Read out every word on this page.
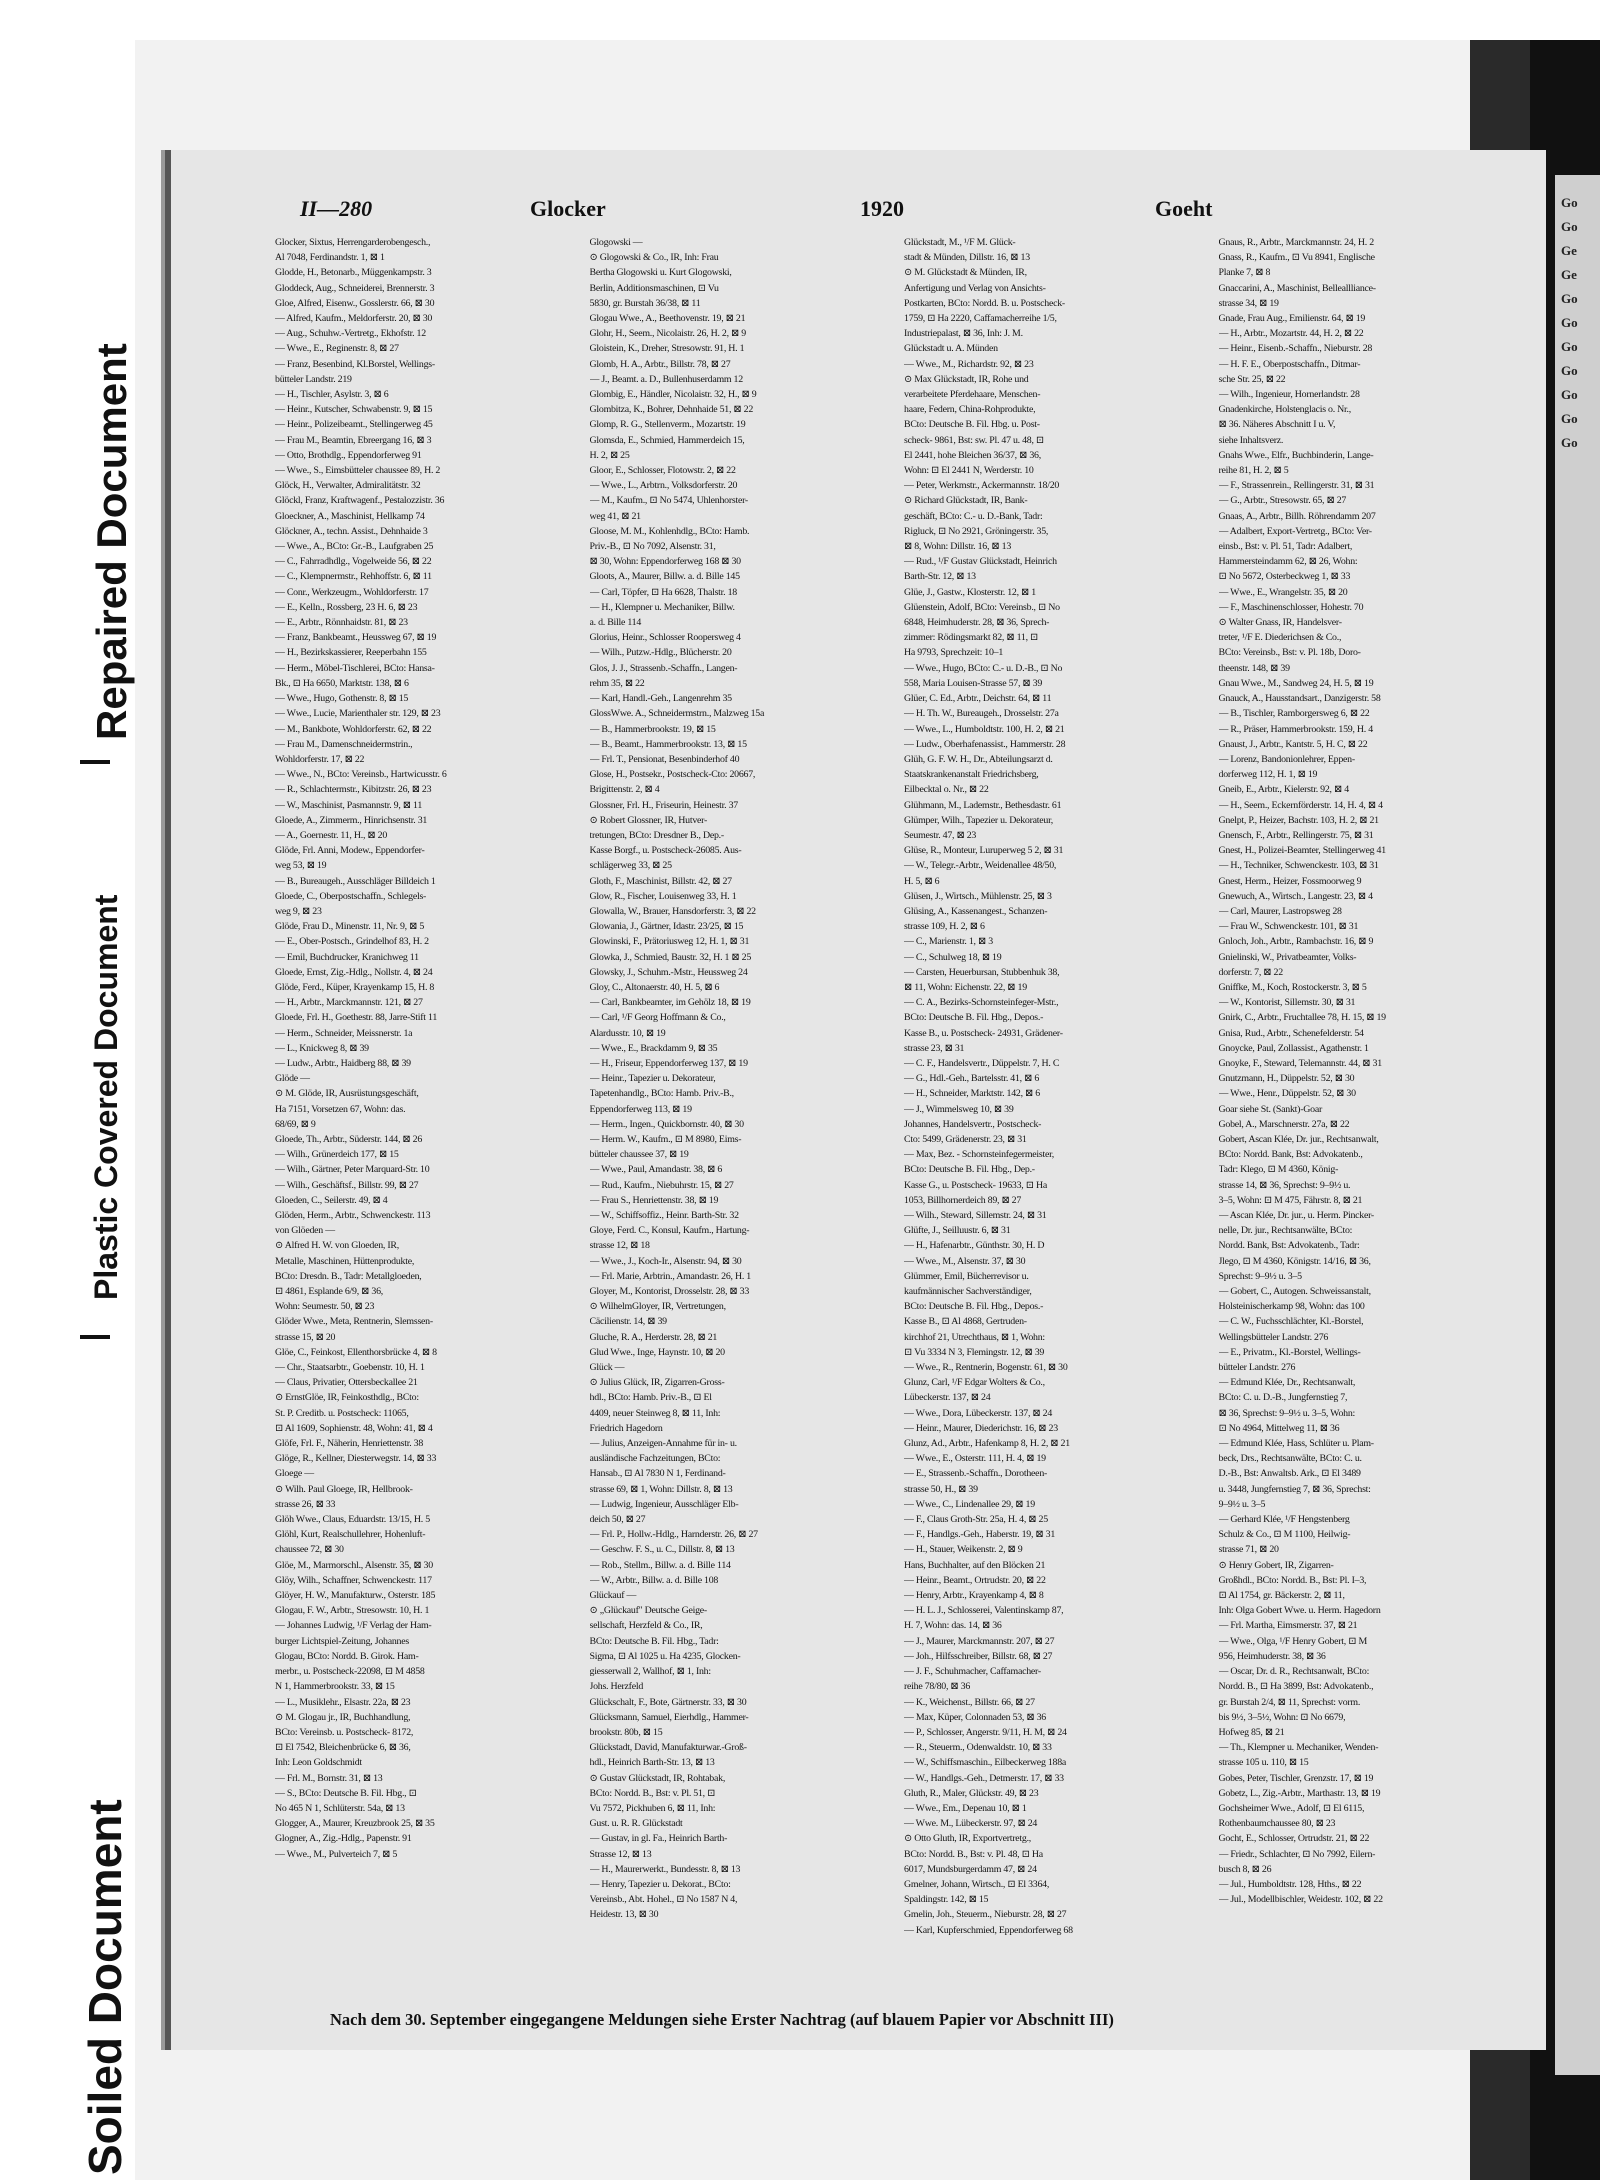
Soiled Document
Plastic Covered Document
Repaired Document
Go
Go
Ge
Ge
Go
Go
Go
Go
Go
Go
Go
II—280	Glocker	1920	Goeht
Glocker, Sixtus, Herrengarderobengesch.,
Al 7048, Ferdinandstr. 1, ⊠ 1
Glodde, H., Betonarb., Müggenkampstr. 3
Gloddeck, Aug., Schneiderei, Brennerstr. 3
Gloe, Alfred, Eisenw., Gosslerstr. 66, ⊠ 30
— Alfred, Kaufm., Meldorferstr. 20, ⊠ 30
— Aug., Schuhw.-Vertretg., Ekhofstr. 12
— Wwe., E., Reginenstr. 8, ⊠ 27
— Franz, Besenbind, Kl.Borstel, Wellings-
bütteler Landstr. 219
— H., Tischler, Asylstr. 3, ⊠ 6
— Heinr., Kutscher, Schwabenstr. 9, ⊠ 15
— Heinr., Polizeibeamt., Stellingerweg 45
— Frau M., Beamtin, Ebreergang 16, ⊠ 3
— Otto, Brothdlg., Eppendorferweg 91
— Wwe., S., Eimsbütteler chaussee 89, H. 2
Glöck, H., Verwalter, Admiralitätstr. 32
Glöckl, Franz, Kraftwagenf., Pestalozzistr. 36
Gloeckner, A., Maschinist, Hellkamp 74
Glöckner, A., techn. Assist., Dehnhaide 3
— Wwe., A., BCto: Gr.-B., Laufgraben 25
— C., Fahrradhdlg., Vogelweide 56, ⊠ 22
— C., Klempnermstr., Rehhoffstr. 6, ⊠ 11
— Conr., Werkzeugm., Wohldorferstr. 17
— E., Kelln., Rossberg, 23 H. 6, ⊠ 23
— E., Arbtr., Rönnhaidstr. 81, ⊠ 23
— Franz, Bankbeamt., Heussweg 67, ⊠ 19
— H., Bezirkskassierer, Reeperbahn 155
— Herm., Möbel-Tischlerei, BCto: Hansa-
Bk., ⊡ Ha 6650, Marktstr. 138, ⊠ 6
— Wwe., Hugo, Gothenstr. 8, ⊠ 15
— Wwe., Lucie, Marienthaler str. 129, ⊠ 23
— M., Bankbote, Wohldorferstr. 62, ⊠ 22
— Frau M., Damenschneidermstrin.,
Wohldorferstr. 17, ⊠ 22
— Wwe., N., BCto: Vereinsb., Hartwicusstr. 6
— R., Schlachtermstr., Kibitzstr. 26, ⊠ 23
— W., Maschinist, Pasmannstr. 9, ⊠ 11
Gloede, A., Zimmerm., Hinrichsenstr. 31
— A., Goernestr. 11, H., ⊠ 20
Glöde, Frl. Anni, Modew., Eppendorfer-
weg 53, ⊠ 19
— B., Bureaugeh., Ausschläger Billdeich 1
Gloede, C., Oberpostschaffn., Schlegels-
weg 9, ⊠ 23
Glöde, Frau D., Minenstr. 11, Nr. 9, ⊠ 5
— E., Ober-Postsch., Grindelhof 83, H. 2
— Emil, Buchdrucker, Kranichweg 11
Gloede, Ernst, Zig.-Hdlg., Nollstr. 4, ⊠ 24
Glöde, Ferd., Küper, Krayenkamp 15, H. 8
— H., Arbtr., Marckmannstr. 121, ⊠ 27
Gloede, Frl. H., Goethestr. 88, Jarre-Stift 11
— Herm., Schneider, Meissnerstr. 1a
— L., Knickweg 8, ⊠ 39
— Ludw., Arbtr., Haidberg 88, ⊠ 39
Glöde —
⊙ M. Glöde, IR, Ausrüstungsgeschäft,
Ha 7151, Vorsetzen 67, Wohn: das.
68/69, ⊠ 9
Gloede, Th., Arbtr., Süderstr. 144, ⊠ 26
— Wilh., Grünerdeich 177, ⊠ 15
— Wilh., Gärtner, Peter Marquard-Str. 10
— Wilh., Geschäftsf., Billstr. 99, ⊠ 27
Gloeden, C., Seilerstr. 49, ⊠ 4
Glöden, Herm., Arbtr., Schwenckestr. 113
von Glöeden —
⊙ Alfred H. W. von Gloeden, IR,
Metalle, Maschinen, Hüttenprodukte,
BCto: Dresdn. B., Tadr: Metallgloeden,
⊡ 4861, Esplande 6/9, ⊠ 36,
Wohn: Seumestr. 50, ⊠ 23
Glöder Wwe., Meta, Rentnerin, Slemssen-
strasse 15, ⊠ 20
Glöe, C., Feinkost, Ellenthorsbrücke 4, ⊠ 8
— Chr., Staatsarbtr., Goebenstr. 10, H. 1
— Claus, Privatier, Ottersbeckallee 21
⊙ ErnstGlöe, IR, Feinkosthdlg., BCto:
St. P. Creditb. u. Postscheck: 11065,
⊡ Al 1609, Sophienstr. 48, Wohn: 41, ⊠ 4
Glöfe, Frl. F., Näherin, Henriettenstr. 38
Glöge, R., Kellner, Diesterwegstr. 14, ⊠ 33
Gloege —
⊙ Wilh. Paul Gloege, IR, Hellbrook-
strasse 26, ⊠ 33
Glöh Wwe., Claus, Eduardstr. 13/15, H. 5
Glöhl, Kurt, Realschullehrer, Hohenluft-
chaussee 72, ⊠ 30
Glöe, M., Marmorschl., Alsenstr. 35, ⊠ 30
Glöy, Wilh., Schaffner, Schwenckestr. 117
Glöyer, H. W., Manufakturw., Osterstr. 185
Glogau, F. W., Arbtr., Stresowstr. 10, H. 1
— Johannes Ludwig, ¹/F Verlag der Ham-
burger Lichtspiel-Zeitung, Johannes
Glogau, BCto: Nordd. B. Girok. Ham-
merbr., u. Postscheck-22098, ⊡ M 4858
N 1, Hammerbrookstr. 33, ⊠ 15
— L., Musiklehr., Elsastr. 22a, ⊠ 23
⊙ M. Glogau jr., IR, Buchhandlung,
BCto: Vereinsb. u. Postscheck- 8172,
⊡ El 7542, Bleichenbrücke 6, ⊠ 36,
Inh: Leon Goldschmidt
— Frl. M., Bornstr. 31, ⊠ 13
— S., BCto: Deutsche B. Fil. Hbg., ⊡
No 465 N 1, Schlüterstr. 54a, ⊠ 13
Glogger, A., Maurer, Kreuzbrook 25, ⊠ 35
Glogner, A., Zig.-Hdlg., Papenstr. 91
— Wwe., M., Pulverteich 7, ⊠ 5
Glogowski —
⊙ Glogowski & Co., IR, Inh: Frau
Bertha Glogowski u. Kurt Glogowski,
Berlin, Additionsmaschinen, ⊡ Vu
5830, gr. Burstah 36/38, ⊠ 11
Glogau Wwe., A., Beethovenstr. 19, ⊠ 21
Glohr, H., Seem., Nicolaistr. 26, H. 2, ⊠ 9
Gloistein, K., Dreher, Stresowstr. 91, H. 1
Glomb, H. A., Arbtr., Billstr. 78, ⊠ 27
— J., Beamt. a. D., Bullenhuserdamm 12
Glombig, E., Händler, Nicolaistr. 32, H., ⊠ 9
Glombitza, K., Bohrer, Dehnhaide 51, ⊠ 22
Glomp, R. G., Stellenverm., Mozartstr. 19
Glomsda, E., Schmied, Hammerdeich 15,
H. 2, ⊠ 25
Gloor, E., Schlosser, Flotowstr. 2, ⊠ 22
— Wwe., L., Arbtrn., Volksdorferstr. 20
— M., Kaufm., ⊡ No 5474, Uhlenhorster-
weg 41, ⊠ 21
Gloose, M. M., Kohlenhdlg., BCto: Hamb.
Priv.-B., ⊡ No 7092, Alsenstr. 31,
⊠ 30, Wohn: Eppendorferweg 168 ⊠ 30
Gloots, A., Maurer, Billw. a. d. Bille 145
— Carl, Töpfer, ⊡ Ha 6628, Thalstr. 18
— H., Klempner u. Mechaniker, Billw.
a. d. Bille 114
Glorius, Heinr., Schlosser Roopersweg 4
— Wilh., Putzw.-Hdlg., Blücherstr. 20
Glos, J. J., Strassenb.-Schaffn., Langen-
rehm 35, ⊠ 22
— Karl, Handl.-Geh., Langenrehm 35
GlossWwe. A., Schneidermstrn., Malzweg 15a
— B., Hammerbrookstr. 19, ⊠ 15
— B., Beamt., Hammerbrookstr. 13, ⊠ 15
— Frl. T., Pensionat, Besenbinderhof 40
Glose, H., Postsekr., Postscheck-Cto: 20667,
Brigittenstr. 2, ⊠ 4
Glossner, Frl. H., Friseurin, Heinestr. 37
⊙ Robert Glossner, IR, Hutver-
tretungen, BCto: Dresdner B., Dep.-
Kasse Borgf., u. Postscheck-26085. Aus-
schlägerweg 33, ⊠ 25
Gloth, F., Maschinist, Billstr. 42, ⊠ 27
Glow, R., Fischer, Louisenweg 33, H. 1
Glowalla, W., Brauer, Hansdorferstr. 3, ⊠ 22
Glowania, J., Gärtner, Idastr. 23/25, ⊠ 15
Glowinski, F., Prätoriusweg 12, H. 1, ⊠ 31
Glowka, J., Schmied, Baustr. 32, H. 1 ⊠ 25
Glowsky, J., Schuhm.-Mstr., Heussweg 24
Gloy, C., Altonaerstr. 40, H. 5, ⊠ 6
— Carl, Bankbeamter, im Gehölz 18, ⊠ 19
— Carl, ¹/F Georg Hoffmann & Co.,
Alardusstr. 10, ⊠ 19
— Wwe., E., Brackdamm 9, ⊠ 35
— H., Friseur, Eppendorferweg 137, ⊠ 19
— Heinr., Tapezier u. Dekorateur,
Tapetenhandlg., BCto: Hamb. Priv.-B.,
Eppendorferweg 113, ⊠ 19
— Herm., Ingen., Quickbornstr. 40, ⊠ 30
— Herm. W., Kaufm., ⊡ M 8980, Eims-
bütteler chaussee 37, ⊠ 19
— Wwe., Paul, Amandastr. 38, ⊠ 6
— Rud., Kaufm., Niebuhrstr. 15, ⊠ 27
— Frau S., Henriettenstr. 38, ⊠ 19
— W., Schiffsoffiz., Heinr. Barth-Str. 32
Gloye, Ferd. C., Konsul, Kaufm., Hartung-
strasse 12, ⊠ 18
— Wwe., J., Koch-Ir., Alsenstr. 94, ⊠ 30
— Frl. Marie, Arbtrin., Amandastr. 26, H. 1
Gloyer, M., Kontorist, Drosselstr. 28, ⊠ 33
⊙ WilhelmGloyer, IR, Vertretungen,
Cäcilienstr. 14, ⊠ 39
Gluche, R. A., Herderstr. 28, ⊠ 21
Glud Wwe., Inge, Haynstr. 10, ⊠ 20
Glück —
⊙ Julius Glück, IR, Zigarren-Gross-
hdl., BCto: Hamb. Priv.-B., ⊡ El
4409, neuer Steinweg 8, ⊠ 11, Inh:
Friedrich Hagedorn
— Julius, Anzeigen-Annahme für in- u.
ausländische Fachzeitungen, BCto:
Hansab., ⊡ Al 7830 N 1, Ferdinand-
strasse 69, ⊠ 1, Wohn: Dillstr. 8, ⊠ 13
— Ludwig, Ingenieur, Ausschläger Elb-
deich 50, ⊠ 27
— Frl. P., Hollw.-Hdlg., Harnderstr. 26, ⊠ 27
— Geschw. F. S., u. C., Dillstr. 8, ⊠ 13
— Rob., Stellm., Billw. a. d. Bille 114
— W., Arbtr., Billw. a. d. Bille 108
Glückauf —
⊙ „Glückauf" Deutsche Geige-
sellschaft, Herzfeld & Co., IR,
BCto: Deutsche B. Fil. Hbg., Tadr:
Sigma, ⊡ Al 1025 u. Ha 4235, Glocken-
giesserwall 2, Wallhof, ⊠ 1, Inh:
Johs. Herzfeld
Glückschalt, F., Bote, Gärtnerstr. 33, ⊠ 30
Glücksmann, Samuel, Eierhdlg., Hammer-
brookstr. 80b, ⊠ 15
Glückstadt, David, Manufakturwar.-Groß-
hdl., Heinrich Barth-Str. 13, ⊠ 13
⊙ Gustav Glückstadt, IR, Rohtabak,
BCto: Nordd. B., Bst: v. Pl. 51, ⊡
Vu 7572, Pickhuben 6, ⊠ 11, Inh:
Gust. u. R. R. Glückstadt
— Gustav, in gl. Fa., Heinrich Barth-
Strasse 12, ⊠ 13
— H., Maurerwerkt., Bundesstr. 8, ⊠ 13
— Henry, Tapezier u. Dekorat., BCto:
Vereinsb., Abt. Hohel., ⊡ No 1587 N 4,
Heidestr. 13, ⊠ 30
Glückstadt, M., ¹/F M. Glück-
stadt & Münden, Dillstr. 16, ⊠ 13
⊙ M. Glückstadt & Münden, IR,
Anfertigung und Verlag von Ansichts-
Postkarten, BCto: Nordd. B. u. Postscheck-
1759, ⊡ Ha 2220, Caffamacherreihe 1/5,
Industriepalast, ⊠ 36, Inh: J. M.
Glückstadt u. A. Münden
— Wwe., M., Richardstr. 92, ⊠ 23
⊙ Max Glückstadt, IR, Rohe und
verarbeitete Pferdehaare, Menschen-
haare, Federn, China-Rohprodukte,
BCto: Deutsche B. Fil. Hbg. u. Post-
scheck- 9861, Bst: sw. Pl. 47 u. 48, ⊡
El 2441, hohe Bleichen 36/37, ⊠ 36,
Wohn: ⊡ El 2441 N, Werderstr. 10
— Peter, Werkmstr., Ackermannstr. 18/20
⊙ Richard Glückstadt, IR, Bank-
geschäft, BCto: C.- u. D.-Bank, Tadr:
Rigluck, ⊡ No 2921, Gröningerstr. 35,
⊠ 8, Wohn: Dillstr. 16, ⊠ 13
— Rud., ¹/F Gustav Glückstadt, Heinrich
Barth-Str. 12, ⊠ 13
Glüe, J., Gastw., Klosterstr. 12, ⊠ 1
Glüenstein, Adolf, BCto: Vereinsb., ⊡ No
6848, Heimhuderstr. 28, ⊠ 36, Sprech-
zimmer: Rödingsmarkt 82, ⊠ 11, ⊡
Ha 9793, Sprechzeit: 10–1
— Wwe., Hugo, BCto: C.- u. D.-B., ⊡ No
558, Maria Louisen-Strasse 57, ⊠ 39
Glüer, C. Ed., Arbtr., Deichstr. 64, ⊠ 11
— H. Th. W., Bureaugeh., Drosselstr. 27a
— Wwe., L., Humboldtstr. 100, H. 2, ⊠ 21
— Ludw., Oberhafenassist., Hammerstr. 28
Glüh, G. F. W. H., Dr., Abteilungsarzt d.
Staatskrankenanstalt Friedrichsberg,
Eilbecktal o. Nr., ⊠ 22
Glühmann, M., Lademstr., Bethesdastr. 61
Glümper, Wilh., Tapezier u. Dekorateur,
Seumestr. 47, ⊠ 23
Glüse, R., Monteur, Luruperweg 5 2, ⊠ 31
— W., Telegr.-Arbtr., Weidenallee 48/50,
H. 5, ⊠ 6
Glüsen, J., Wirtsch., Mühlenstr. 25, ⊠ 3
Glüsing, A., Kassenangest., Schanzen-
strasse 109, H. 2, ⊠ 6
— C., Marienstr. 1, ⊠ 3
— C., Schulweg 18, ⊠ 19
— Carsten, Heuerbursan, Stubbenhuk 38,
⊠ 11, Wohn: Eichenstr. 22, ⊠ 19
— C. A., Bezirks-Schornsteinfeger-Mstr.,
BCto: Deutsche B. Fil. Hbg., Depos.-
Kasse B., u. Postscheck- 24931, Grädener-
strasse 23, ⊠ 31
— C. F., Handelsvertr., Düppelstr. 7, H. C
— G., Hdl.-Geh., Bartelsstr. 41, ⊠ 6
— H., Schneider, Marktstr. 142, ⊠ 6
— J., Wimmelsweg 10, ⊠ 39
Johannes, Handelsvertr., Postscheck-
Cto: 5499, Grädenerstr. 23, ⊠ 31
— Max, Bez. - Schornsteinfegermeister,
BCto: Deutsche B. Fil. Hbg., Dep.-
Kasse G., u. Postscheck- 19633, ⊡ Ha
1053, Billhornerdeich 89, ⊠ 27
— Wilh., Steward, Sillemstr. 24, ⊠ 31
Glüfte, J., Seilluustr. 6, ⊠ 31
— H., Hafenarbtr., Günthstr. 30, H. D
— Wwe., M., Alsenstr. 37, ⊠ 30
Glümmer, Emil, Bücherrevisor u.
kaufmännischer Sachverständiger,
BCto: Deutsche B. Fil. Hbg., Depos.-
Kasse B., ⊡ Al 4868, Gertruden-
kirchhof 21, Utrechthaus, ⊠ 1, Wohn:
⊡ Vu 3334 N 3, Flemingstr. 12, ⊠ 39
— Wwe., R., Rentnerin, Bogenstr. 61, ⊠ 30
Glunz, Carl, ¹/F Edgar Wolters & Co.,
Lübeckerstr. 137, ⊠ 24
— Wwe., Dora, Lübeckerstr. 137, ⊠ 24
— Heinr., Maurer, Diederichstr. 16, ⊠ 23
Glunz, Ad., Arbtr., Hafenkamp 8, H. 2, ⊠ 21
— Wwe., E., Osterstr. 111, H. 4, ⊠ 19
— E., Strassenb.-Schaffn., Dorotheen-
strasse 50, H., ⊠ 39
— Wwe., C., Lindenallee 29, ⊠ 19
— F., Claus Groth-Str. 25a, H. 4, ⊠ 25
— F., Handlgs.-Geh., Haberstr. 19, ⊠ 31
— H., Stauer, Weikenstr. 2, ⊠ 9
Hans, Buchhalter, auf den Blöcken 21
— Heinr., Beamt., Ortrudstr. 20, ⊠ 22
— Henry, Arbtr., Krayenkamp 4, ⊠ 8
— H. L. J., Schlosserei, Valentinskamp 87,
H. 7, Wohn: das. 14, ⊠ 36
— J., Maurer, Marckmannstr. 207, ⊠ 27
— Joh., Hilfsschreiber, Billstr. 68, ⊠ 27
— J. F., Schuhmacher, Caffamacher-
reihe 78/80, ⊠ 36
— K., Weichenst., Billstr. 66, ⊠ 27
— Max, Küper, Colonnaden 53, ⊠ 36
— P., Schlosser, Angerstr. 9/11, H. M, ⊠ 24
— R., Steuerm., Odenwaldstr. 10, ⊠ 33
— W., Schiffsmaschin., Eilbeckerweg 188a
— W., Handlgs.-Geh., Detmerstr. 17, ⊠ 33
Gluth, R., Maler, Glückstr. 49, ⊠ 23
— Wwe., Em., Depenau 10, ⊠ 1
— Wwe. M., Lübeckerstr. 97, ⊠ 24
⊙ Otto Gluth, IR, Exportvertretg.,
BCto: Nordd. B., Bst: v. Pl. 48, ⊡ Ha
6017, Mundsburgerdamm 47, ⊠ 24
Gmelner, Johann, Wirtsch., ⊡ El 3364,
Spaldingstr. 142, ⊠ 15
Gmelin, Joh., Steuerm., Nieburstr. 28, ⊠ 27
— Karl, Kupferschmied, Eppendorferweg 68
Gnaus, R., Arbtr., Marckmannstr. 24, H. 2
Gnass, R., Kaufm., ⊡ Vu 8941, Englische
Planke 7, ⊠ 8
Gnaccarini, A., Maschinist, Belleallliance-
strasse 34, ⊠ 19
Gnade, Frau Aug., Emilienstr. 64, ⊠ 19
— H., Arbtr., Mozartstr. 44, H. 2, ⊠ 22
— Heinr., Eisenb.-Schaffn., Nieburstr. 28
— H. F. E., Oberpostschaffn., Ditmar-
sche Str. 25, ⊠ 22
— Wilh., Ingenieur, Hornerlandstr. 28
Gnadenkirche, Holstenglacis o. Nr.,
⊠ 36. Näheres Abschnitt I u. V,
siehe Inhaltsverz.
Gnahs Wwe., Elfr., Buchbinderin, Lange-
reihe 81, H. 2, ⊠ 5
— F., Strassenrein., Rellingerstr. 31, ⊠ 31
— G., Arbtr., Stresowstr. 65, ⊠ 27
Gnaas, A., Arbtr., Billh. Röhrendamm 207
— Adalbert, Export-Vertretg., BCto: Ver-
einsb., Bst: v. Pl. 51, Tadr: Adalbert,
Hammersteindamm 62, ⊠ 26, Wohn:
⊡ No 5672, Osterbeckweg 1, ⊠ 33
— Wwe., E., Wrangelstr. 35, ⊠ 20
— F., Maschinenschlosser, Hohestr. 70
⊙ Walter Gnass, IR, Handelsver-
treter, ¹/F E. Diederichsen & Co.,
BCto: Vereinsb., Bst: v. Pl. 18b, Doro-
theenstr. 148, ⊠ 39
Gnau Wwe., M., Sandweg 24, H. 5, ⊠ 19
Gnauck, A., Hausstandsart., Danzigerstr. 58
— B., Tischler, Ramborgersweg 6, ⊠ 22
— R., Präser, Hammerbrookstr. 159, H. 4
Gnaust, J., Arbtr., Kantstr. 5, H. C, ⊠ 22
— Lorenz, Bandonionlehrer, Eppen-
dorferweg 112, H. 1, ⊠ 19
Gneib, E., Arbtr., Kielerstr. 92, ⊠ 4
— H., Seem., Eckernförderstr. 14, H. 4, ⊠ 4
Gnelpt, P., Heizer, Bachstr. 103, H. 2, ⊠ 21
Gnensch, F., Arbtr., Rellingerstr. 75, ⊠ 31
Gnest, H., Polizei-Beamter, Stellingerweg 41
— H., Techniker, Schwenckestr. 103, ⊠ 31
Gnest, Herm., Heizer, Fossmoorweg 9
Gnewuch, A., Wirtsch., Langestr. 23, ⊠ 4
— Carl, Maurer, Lastropsweg 28
— Frau W., Schwenckestr. 101, ⊠ 31
Gnloch, Joh., Arbtr., Rambachstr. 16, ⊠ 9
Gnielinski, W., Privatbeamter, Volks-
dorferstr. 7, ⊠ 22
Gniffke, M., Koch, Rostockerstr. 3, ⊠ 5
— W., Kontorist, Sillemstr. 30, ⊠ 31
Gnirk, C., Arbtr., Fruchtallee 78, H. 15, ⊠ 19
Gnisa, Rud., Arbtr., Schenefelderstr. 54
Gnoycke, Paul, Zollassist., Agathenstr. 1
Gnoyke, F., Steward, Telemannstr. 44, ⊠ 31
Gnutzmann, H., Düppelstr. 52, ⊠ 30
— Wwe., Henr., Düppelstr. 52, ⊠ 30
Goar siehe St. (Sankt)-Goar
Gobel, A., Marschnerstr. 27a, ⊠ 22
Gobert, Ascan Klée, Dr. jur., Rechtsanwalt,
BCto: Nordd. Bank, Bst: Advokatenb.,
Tadr: Klego, ⊡ M 4360, König-
strasse 14, ⊠ 36, Sprechst: 9–9½ u.
3–5, Wohn: ⊡ M 475, Fährstr. 8, ⊠ 21
— Ascan Klée, Dr. jur., u. Herm. Pincker-
nelle, Dr. jur., Rechtsanwälte, BCto:
Nordd. Bank, Bst: Advokatenb., Tadr:
Jlego, ⊡ M 4360, Königstr. 14/16, ⊠ 36,
Sprechst: 9–9½ u. 3–5
— Gobert, C., Autogen. Schweissanstalt,
Holsteinischerkamp 98, Wohn: das 100
— C. W., Fuchsschlächter, Kl.-Borstel,
Wellingsbütteler Landstr. 276
— E., Privatm., Kl.-Borstel, Wellings-
bütteler Landstr. 276
— Edmund Klée, Dr., Rechtsanwalt,
BCto: C. u. D.-B., Jungfernstieg 7,
⊠ 36, Sprechst: 9–9½ u. 3–5, Wohn:
⊡ No 4964, Mittelweg 11, ⊠ 36
— Edmund Klée, Hass, Schlüter u. Plam-
beck, Drs., Rechtsanwälte, BCto: C. u.
D.-B., Bst: Anwaltsb. Ark., ⊡ El 3489
u. 3448, Jungfernstieg 7, ⊠ 36, Sprechst:
9–9½ u. 3–5
— Gerhard Klée, ¹/F Hengstenberg
Schulz & Co., ⊡ M 1100, Heilwig-
strasse 71, ⊠ 20
⊙ Henry Gobert, IR, Zigarren-
Großhdl., BCto: Nordd. B., Bst: Pl. I–3,
⊡ Al 1754, gr. Bäckerstr. 2, ⊠ 11,
Inh: Olga Gobert Wwe. u. Herm. Hagedorn
— Frl. Martha, Eimsmerstr. 37, ⊠ 21
— Wwe., Olga, ¹/F Henry Gobert, ⊡ M
956, Heimhuderstr. 38, ⊠ 36
— Oscar, Dr. d. R., Rechtsanwalt, BCto:
Nordd. B., ⊡ Ha 3899, Bst: Advokatenb.,
gr. Burstah 2/4, ⊠ 11, Sprechst: vorm.
bis 9½, 3–5½, Wohn: ⊡ No 6679,
Hofweg 85, ⊠ 21
— Th., Klempner u. Mechaniker, Wenden-
strasse 105 u. 110, ⊠ 15
Gobes, Peter, Tischler, Grenzstr. 17, ⊠ 19
Gobetz, L., Zig.-Arbtr., Marthastr. 13, ⊠ 19
Gochsheimer Wwe., Adolf, ⊡ El 6115,
Rothenbaumchaussee 80, ⊠ 23
Gocht, E., Schlosser, Ortrudstr. 21, ⊠ 22
— Friedr., Schlachter, ⊡ No 7992, Eilern-
busch 8, ⊠ 26
— Jul., Humboldtstr. 128, Hths., ⊠ 22
— Jul., Modellbischler, Weidestr. 102, ⊠ 22
Nach dem 30. September eingegangene Meldungen siehe Erster Nachtrag (auf blauem Papier vor Abschnitt III)
